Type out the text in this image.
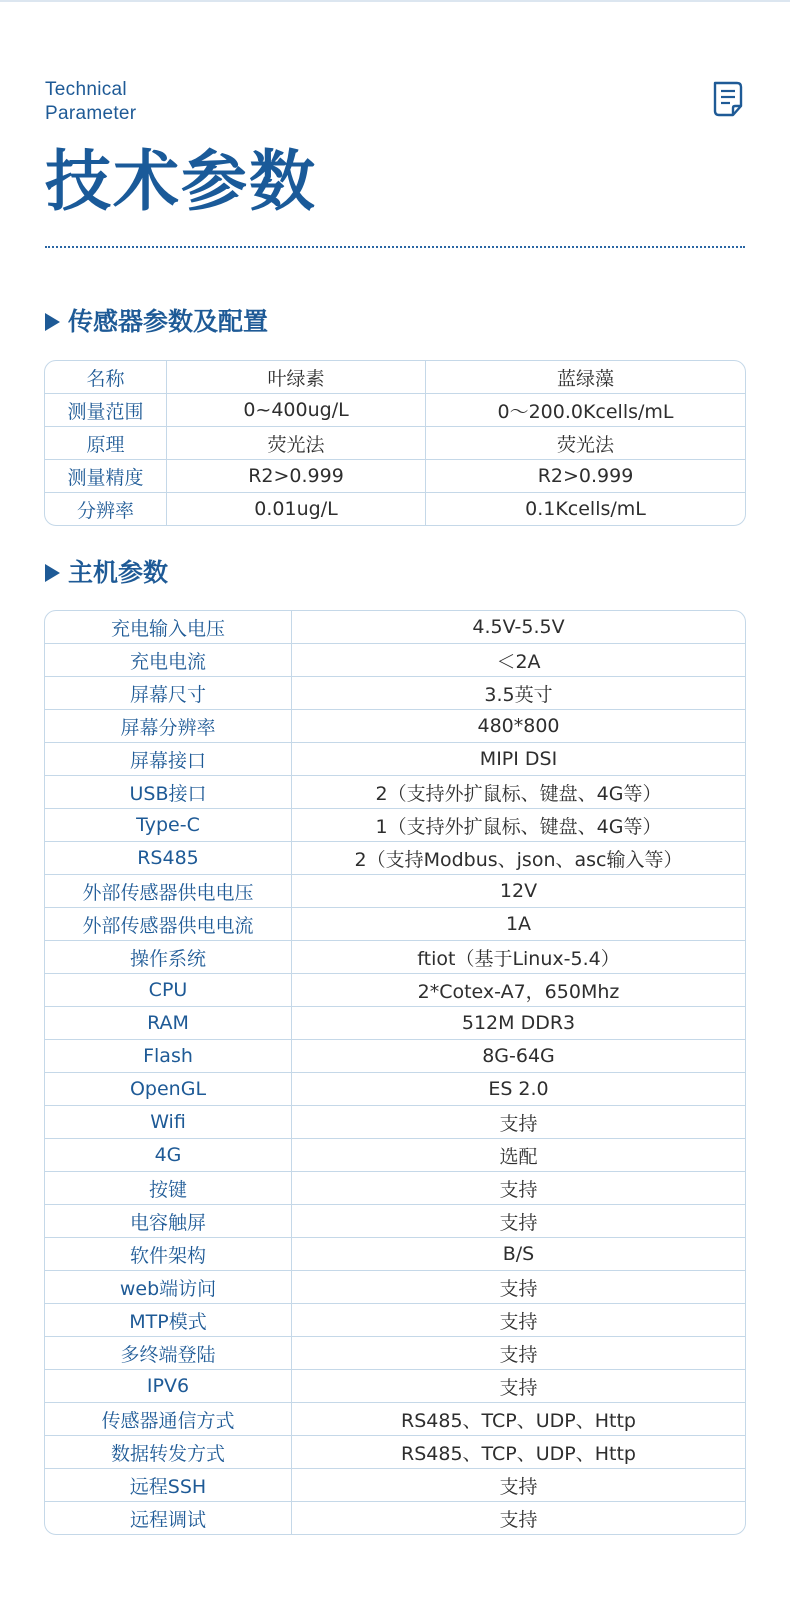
Technical
Parameter
技术参数
传感器参数及配置
名称	叶绿素	蓝绿藻
测量范围	0~400ug/L	0～200.0Kcells/mL
原理	荧光法	荧光法
测量精度	R2>0.999	R2>0.999
分辨率	0.01ug/L	0.1Kcells/mL
主机参数
充电输入电压	4.5V-5.5V
充电电流	＜2A
屏幕尺寸	3.5英寸
屏幕分辨率	480*800
屏幕接口	MIPI DSI
USB接口	2（支持外扩鼠标、键盘、4G等）
Type-C	1（支持外扩鼠标、键盘、4G等）
RS485	2（支持Modbus、json、asc输入等）
外部传感器供电电压	12V
外部传感器供电电流	1A
操作系统	ftiot（基于Linux-5.4）
CPU	2*Cotex-A7，650Mhz
RAM	512M DDR3
Flash	8G-64G
OpenGL	ES 2.0
Wifi	支持
4G	选配
按键	支持
电容触屏	支持
软件架构	B/S
web端访问	支持
MTP模式	支持
多终端登陆	支持
IPV6	支持
传感器通信方式	RS485、TCP、UDP、Http
数据转发方式	RS485、TCP、UDP、Http
远程SSH	支持
远程调试	支持
